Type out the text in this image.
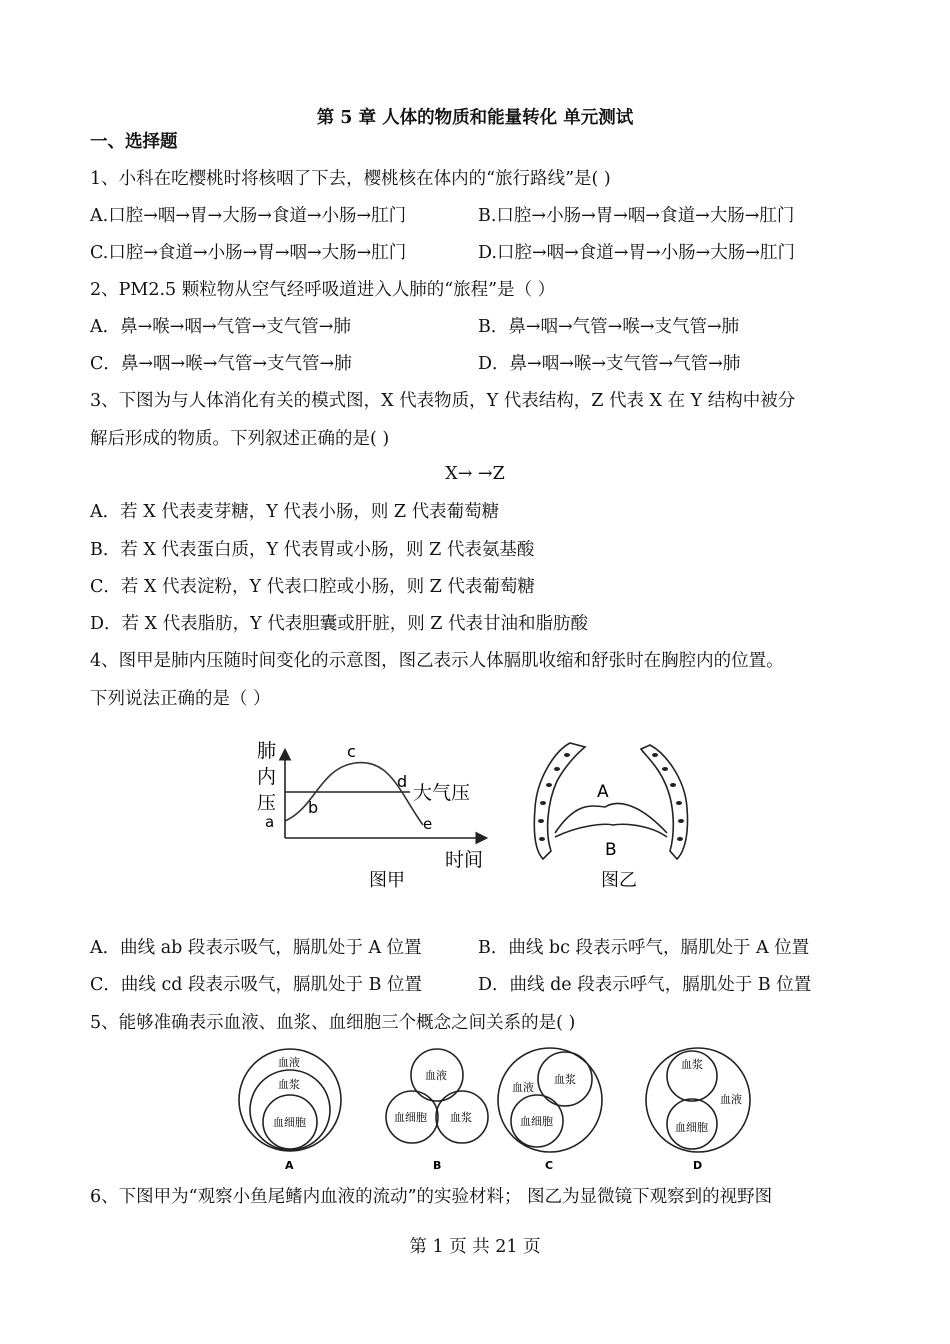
第 5 章 人体的物质和能量转化 单元测试
一、选择题
1、小科在吃樱桃时将核咽了下去，樱桃核在体内的“旅行路线”是( )
A.口腔→咽→胃→大肠→食道→小肠→肛门	B.口腔→小肠→胃→咽→食道→大肠→肛门
C.口腔→食道→小肠→胃→咽→大肠→肛门	D.口腔→咽→食道→胃→小肠→大肠→肛门
2、PM2.5 颗粒物从空气经呼吸道进入人肺的“旅程”是（ ）
A．鼻→喉→咽→气管→支气管→肺	B．鼻→咽→气管→喉→支气管→肺
C．鼻→咽→喉→气管→支气管→肺	D．鼻→咽→喉→支气管→气管→肺
3、下图为与人体消化有关的模式图，X 代表物质，Y 代表结构，Z 代表 X 在 Y 结构中被分
解后形成的物质。下列叙述正确的是( )
X→ →Z
A．若 X 代表麦芽糖，Y 代表小肠，则 Z 代表葡萄糖
B．若 X 代表蛋白质，Y 代表胃或小肠，则 Z 代表氨基酸
C．若 X 代表淀粉，Y 代表口腔或小肠，则 Z 代表葡萄糖
D．若 X 代表脂肪，Y 代表胆囊或肝脏，则 Z 代表甘油和脂肪酸
4、图甲是肺内压随时间变化的示意图，图乙表示人体膈肌收缩和舒张时在胸腔内的位置。
下列说法正确的是（ ）
肺
内
压
a
b
c
d
e
大气压
时间
图甲
A
B
图乙
A．曲线 ab 段表示吸气，膈肌处于 A 位置	B．曲线 bc 段表示呼气，膈肌处于 A 位置
C．曲线 cd 段表示吸气，膈肌处于 B 位置	D．曲线 de 段表示呼气，膈肌处于 B 位置
5、能够准确表示血液、血浆、血细胞三个概念之间关系的是( )
血液
血浆
血细胞
A
血液
血细胞 血浆
B
血液
血浆
血细胞
C
血浆
血液
血细胞
D
6、下图甲为“观察小鱼尾鳍内血液的流动”的实验材料； 图乙为显微镜下观察到的视野图
第 1 页 共 21 页
